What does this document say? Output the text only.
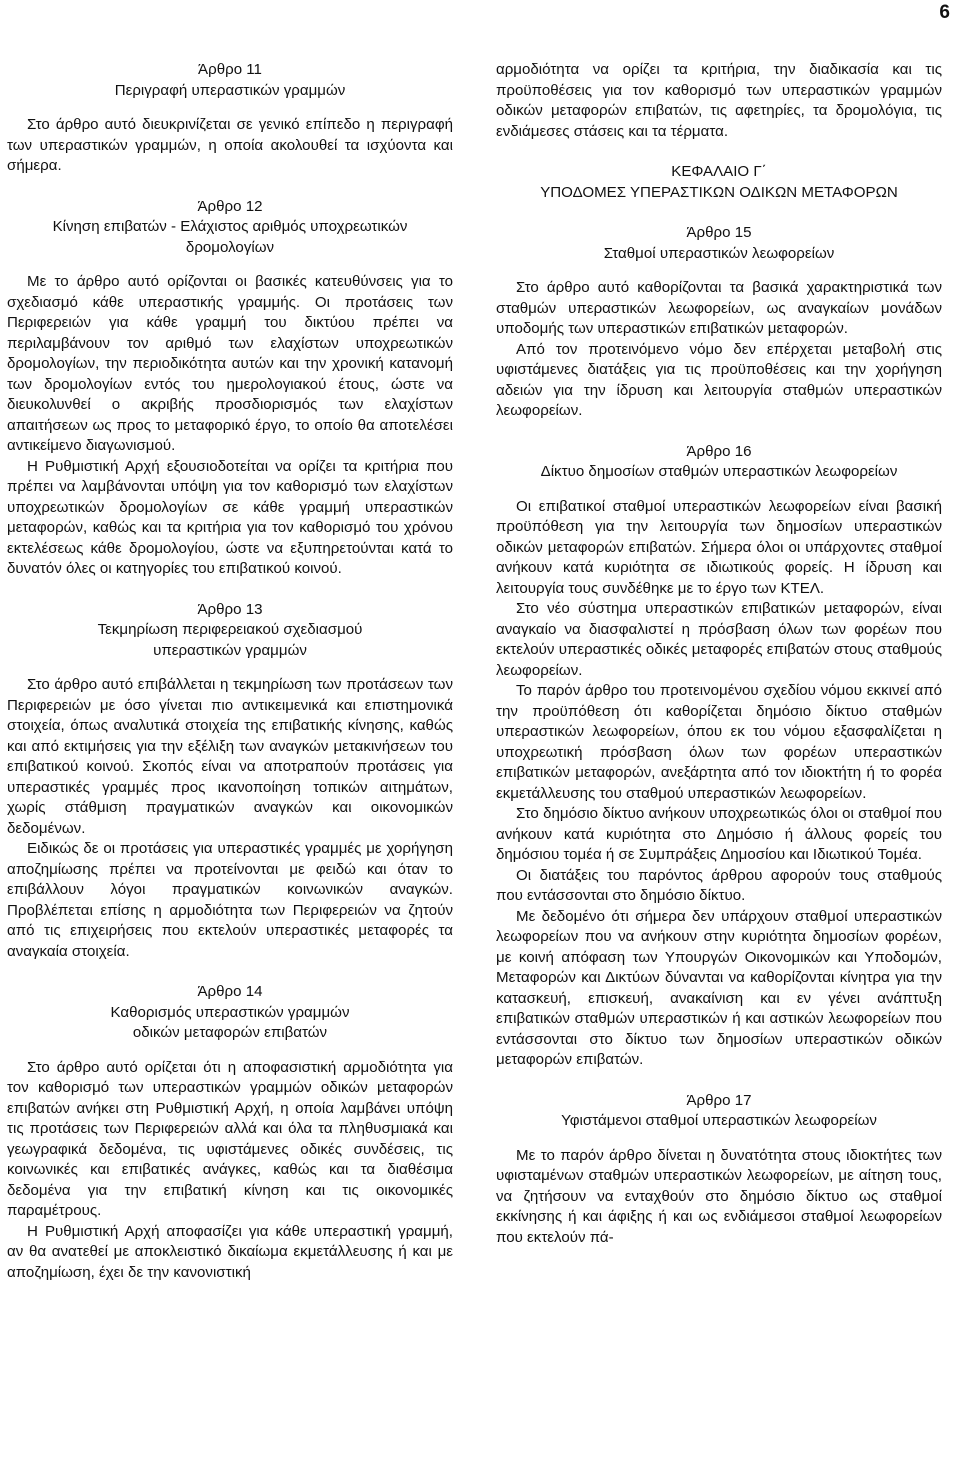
6
Άρθρο 11
Περιγραφή υπεραστικών γραμμών

Στο άρθρο αυτό διευκρινίζεται σε γενικό επίπεδο η περιγραφή των υπεραστικών γραμμών, η οποία ακολουθεί τα ισχύοντα και σήμερα.

Άρθρο 12
Κίνηση επιβατών - Ελάχιστος αριθμός υποχρεωτικών
δρομολογίων

Με το άρθρο αυτό ορίζονται οι βασικές κατευθύνσεις για το σχεδιασμό κάθε υπεραστικής γραμμής. Οι προτάσεις των Περιφερειών για κάθε γραμμή του δικτύου πρέπει να περιλαμβάνουν τον αριθμό των ελαχίστων υποχρεωτικών δρομολογίων, την περιοδικότητα αυτών και την χρονική κατανομή των δρομολογίων εντός του ημερολογιακού έτους, ώστε να διευκολυνθεί ο ακριβής προσδιορισμός των ελαχίστων απαιτήσεων ως προς το μεταφορικό έργο, το οποίο θα αποτελέσει αντικείμενο διαγωνισμού.

Η Ρυθμιστική Αρχή εξουσιοδοτείται να ορίζει τα κριτήρια που πρέπει να λαμβάνονται υπόψη για τον καθορισμό των ελαχίστων υποχρεωτικών δρομολογίων σε κάθε γραμμή υπεραστικών μεταφορών, καθώς και τα κριτήρια για τον καθορισμό του χρόνου εκτελέσεως κάθε δρομολογίου, ώστε να εξυπηρετούνται κατά το δυνατόν όλες οι κατηγορίες του επιβατικού κοινού.

Άρθρο 13
Τεκμηρίωση περιφερειακού σχεδιασμού
υπεραστικών γραμμών

Στο άρθρο αυτό επιβάλλεται η τεκμηρίωση των προτάσεων των Περιφερειών με όσο γίνεται πιο αντικειμενικά και επιστημονικά στοιχεία, όπως αναλυτικά στοιχεία της επιβατικής κίνησης, καθώς και από εκτιμήσεις για την εξέλιξη των αναγκών μετακινήσεων του επιβατικού κοινού. Σκοπός είναι να αποτραπούν προτάσεις για υπεραστικές γραμμές προς ικανοποίηση τοπικών αιτημάτων, χωρίς στάθμιση πραγματικών αναγκών και οικονομικών δεδομένων.

Ειδικώς δε οι προτάσεις για υπεραστικές γραμμές με χορήγηση αποζημίωσης πρέπει να προτείνονται με φειδώ και όταν το επιβάλλουν λόγοι πραγματικών κοινωνικών αναγκών. Προβλέπεται επίσης η αρμοδιότητα των Περιφερειών να ζητούν από τις επιχειρήσεις που εκτελούν υπεραστικές μεταφορές τα αναγκαία στοιχεία.

Άρθρο 14
Καθορισμός υπεραστικών γραμμών
οδικών μεταφορών επιβατών

Στο άρθρο αυτό ορίζεται ότι η αποφασιστική αρμοδιότητα για τον καθορισμό των υπεραστικών γραμμών οδικών μεταφορών επιβατών ανήκει στη Ρυθμιστική Αρχή, η οποία λαμβάνει υπόψη τις προτάσεις των Περιφερειών αλλά και όλα τα πληθυσμιακά και γεωγραφικά δεδομένα, τις υφιστάμενες οδικές συνδέσεις, τις κοινωνικές και επιβατικές ανάγκες, καθώς και τα διαθέσιμα δεδομένα για την επιβατική κίνηση και τις οικονομικές παραμέτρους.

Η Ρυθμιστική Αρχή αποφασίζει για κάθε υπεραστική γραμμή, αν θα ανατεθεί με αποκλειστικό δικαίωμα εκμετάλλευσης ή και με αποζημίωση, έχει δε την κανονιστική

αρμοδιότητα να ορίζει τα κριτήρια, την διαδικασία και τις προϋποθέσεις για τον καθορισμό των υπεραστικών γραμμών οδικών μεταφορών επιβατών, τις αφετηρίες, τα δρομολόγια, τις ενδιάμεσες στάσεις και τα τέρματα.

ΚΕΦΑΛΑΙΟ Γ΄
ΥΠΟΔΟΜΕΣ ΥΠΕΡΑΣΤΙΚΩΝ ΟΔΙΚΩΝ ΜΕΤΑΦΟΡΩΝ
Άρθρο 15
Σταθμοί υπεραστικών λεωφορείων

Στο άρθρο αυτό καθορίζονται τα βασικά χαρακτηριστικά των σταθμών υπεραστικών λεωφορείων, ως αναγκαίων μονάδων υποδομής των υπεραστικών επιβατικών μεταφορών.

Από τον προτεινόμενο νόμο δεν επέρχεται μεταβολή στις υφιστάμενες διατάξεις για τις προϋποθέσεις και την χορήγηση αδειών για την ίδρυση και λειτουργία σταθμών υπεραστικών λεωφορείων.

Άρθρο 16
Δίκτυο δημοσίων σταθμών υπεραστικών λεωφορείων

Οι επιβατικοί σταθμοί υπεραστικών λεωφορείων είναι βασική προϋπόθεση για την λειτουργία των δημοσίων υπεραστικών οδικών μεταφορών επιβατών. Σήμερα όλοι οι υπάρχοντες σταθμοί ανήκουν κατά κυριότητα σε ιδιωτικούς φορείς. Η ίδρυση και λειτουργία τους συνδέθηκε με το έργο των ΚΤΕΛ.

Στο νέο σύστημα υπεραστικών επιβατικών μεταφορών, είναι αναγκαίο να διασφαλιστεί η πρόσβαση όλων των φορέων που εκτελούν υπεραστικές οδικές μεταφορές επιβατών στους σταθμούς λεωφορείων.

Το παρόν άρθρο του προτεινομένου σχεδίου νόμου εκκινεί από την προϋπόθεση ότι καθορίζεται δημόσιο δίκτυο σταθμών υπεραστικών λεωφορείων, όπου εκ του νόμου εξασφαλίζεται η υποχρεωτική πρόσβαση όλων των φορέων υπεραστικών επιβατικών μεταφορών, ανεξάρτητα από τον ιδιοκτήτη ή το φορέα εκμετάλλευσης του σταθμού υπεραστικών λεωφορείων.

Στο δημόσιο δίκτυο ανήκουν υποχρεωτικώς όλοι οι σταθμοί που ανήκουν κατά κυριότητα στο Δημόσιο ή άλλους φορείς του δημόσιου τομέα ή σε Συμπράξεις Δημοσίου και Ιδιωτικού Τομέα.

Οι διατάξεις του παρόντος άρθρου αφορούν τους σταθμούς που εντάσσονται στο δημόσιο δίκτυο.

Με δεδομένο ότι σήμερα δεν υπάρχουν σταθμοί υπεραστικών λεωφορείων που να ανήκουν στην κυριότητα δημοσίων φορέων, με κοινή απόφαση των Υπουργών Οικονομικών και Υποδομών, Μεταφορών και Δικτύων δύνανται να καθορίζονται κίνητρα για την κατασκευή, επισκευή, ανακαίνιση και εν γένει ανάπτυξη επιβατικών σταθμών υπεραστικών ή και αστικών λεωφορείων που εντάσσονται στο δίκτυο των δημοσίων υπεραστικών οδικών μεταφορών επιβατών.

Άρθρο 17
Υφιστάμενοι σταθμοί υπεραστικών λεωφορείων

Με το παρόν άρθρο δίνεται η δυνατότητα στους ιδιοκτήτες των υφισταμένων σταθμών υπεραστικών λεωφορείων, με αίτηση τους, να ζητήσουν να ενταχθούν στο δημόσιο δίκτυο ως σταθμοί εκκίνησης ή και άφιξης ή και ως ενδιάμεσοι σταθμοί λεωφορείων που εκτελούν πά-
